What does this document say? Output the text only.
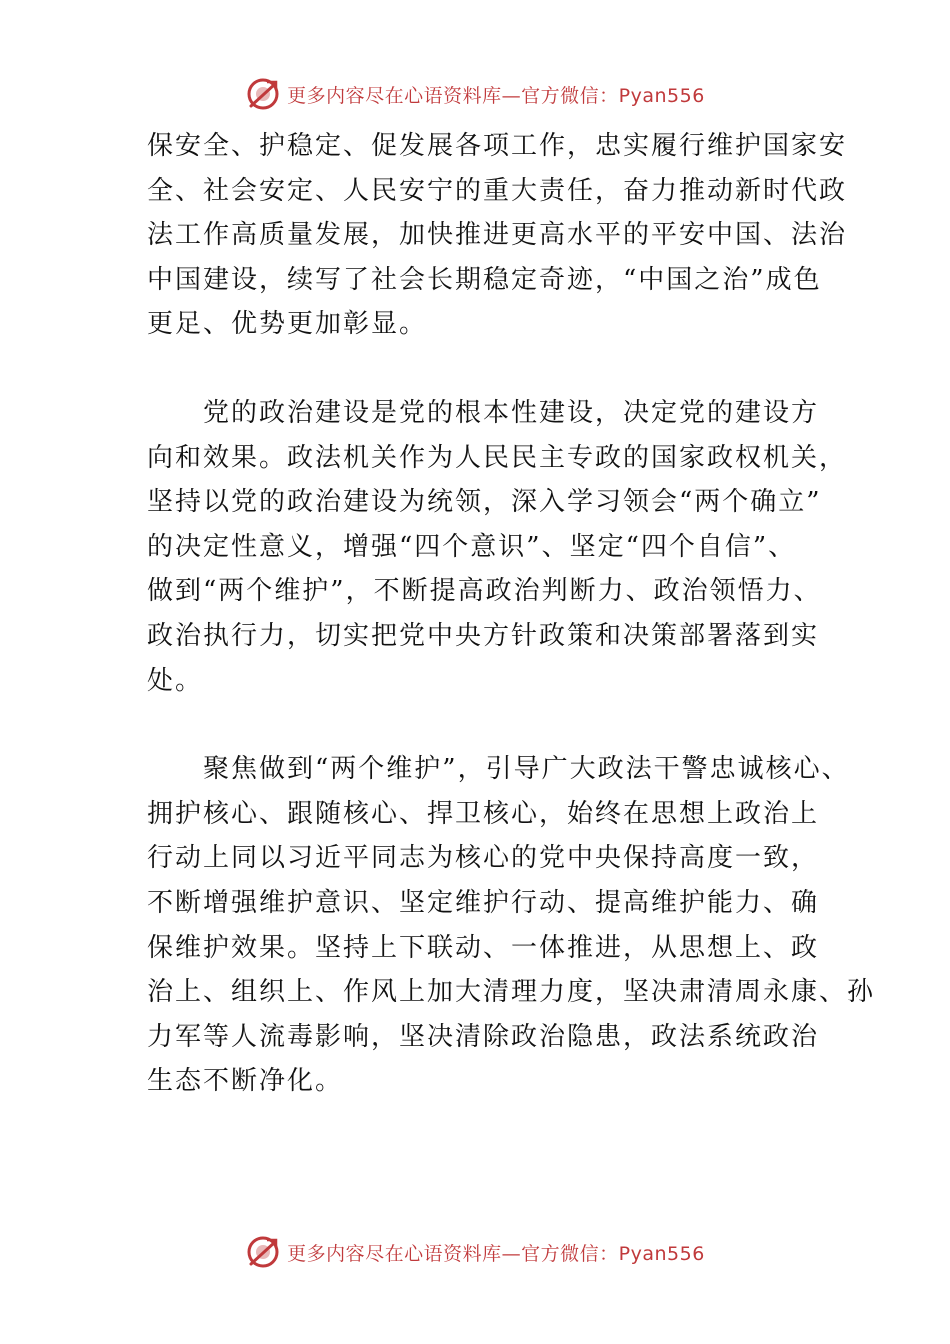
更多内容尽在心语资料库—官方微信：Pyan556

保安全、护稳定、促发展各项工作，忠实履行维护国家安
全、社会安定、人民安宁的重大责任，奋力推动新时代政
法工作高质量发展，加快推进更高水平的平安中国、法治
中国建设，续写了社会长期稳定奇迹，“中国之治”成色
更足、优势更加彰显。

　　党的政治建设是党的根本性建设，决定党的建设方
向和效果。政法机关作为人民民主专政的国家政权机关，
坚持以党的政治建设为统领，深入学习领会“两个确立”
的决定性意义，增强“四个意识”、坚定“四个自信”、
做到“两个维护”，不断提高政治判断力、政治领悟力、
政治执行力，切实把党中央方针政策和决策部署落到实
处。

　　聚焦做到“两个维护”，引导广大政法干警忠诚核心、
拥护核心、跟随核心、捍卫核心，始终在思想上政治上
行动上同以习近平同志为核心的党中央保持高度一致，
不断增强维护意识、坚定维护行动、提高维护能力、确
保维护效果。坚持上下联动、一体推进，从思想上、政
治上、组织上、作风上加大清理力度，坚决肃清周永康、孙
力军等人流毒影响，坚决清除政治隐患，政法系统政治
生态不断净化。

更多内容尽在心语资料库—官方微信：Pyan556
